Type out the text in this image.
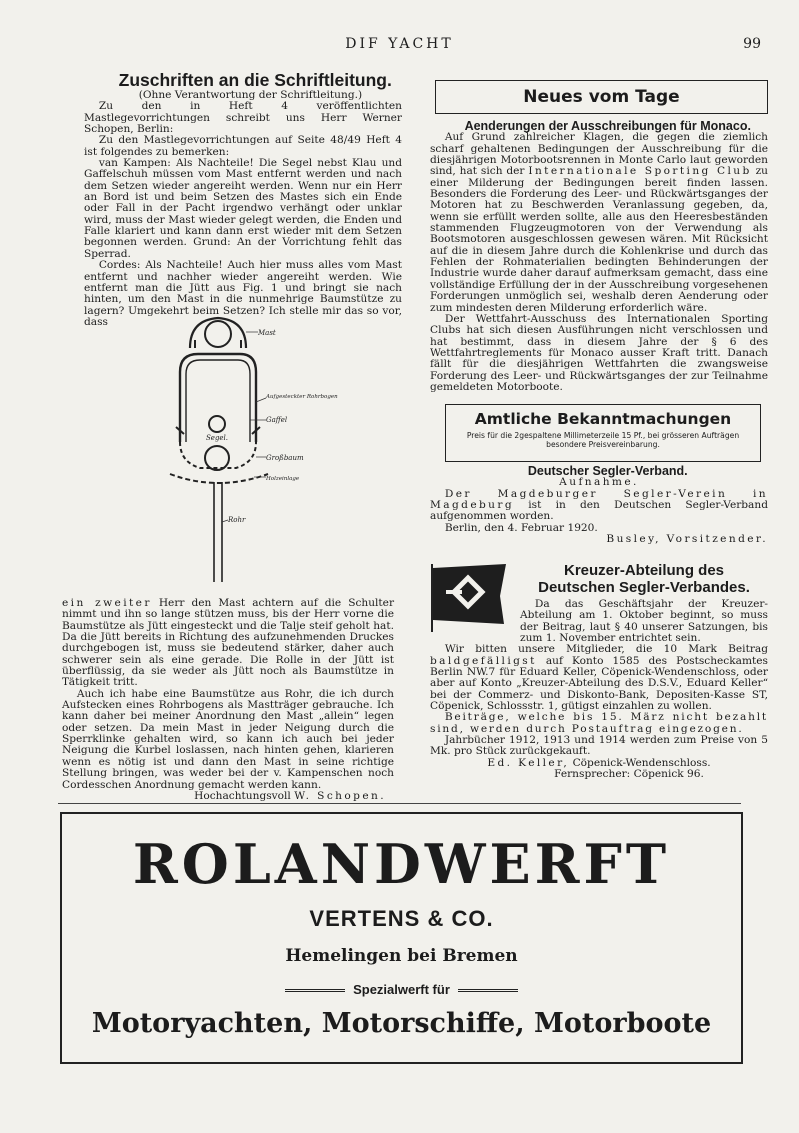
DIF YACHT	99

Zuschriften an die Schriftleitung.

(Ohne Verantwortung der Schriftleitung.)

Zu den in Heft 4 veröffentlichten Mastlegevorrichtungen schreibt uns Herr Werner Schopen, Berlin:

Zu den Mastlegevorrichtungen auf Seite 48/49 Heft 4 ist folgendes zu bemerken:

van Kampen: Als Nachteile! Die Segel nebst Klau und Gaffelschuh müssen vom Mast entfernt werden und nach dem Setzen wieder angereiht werden. Wenn nur ein Herr an Bord ist und beim Setzen des Mastes sich ein Ende oder Fall in der Pacht irgendwo verhängt oder unklar wird, muss der Mast wieder gelegt werden, die Enden und Falle klariert und kann dann erst wieder mit dem Setzen begonnen werden. Grund: An der Vorrichtung fehlt das Sperrad.

Cordes: Als Nachteile! Auch hier muss alles vom Mast entfernt und nachher wieder angereiht werden. Wie entfernt man die Jütt aus Fig. 1 und bringt sie nach hinten, um den Mast in die nunmehrige Baumstütze zu lagern? Umgekehrt beim Setzen? Ich stelle mir das so vor, dass

Mast
Aufgesteckter Rohrbogen
Gaffel
Segel.
Großbaum
Holzeinlage
Rohr

ein zweiter Herr den Mast achtern auf die Schulter nimmt und ihn so lange stützen muss, bis der Herr vorne die Baumstütze als Jütt eingesteckt und die Talje steif geholt hat. Da die Jütt bereits in Richtung des aufzunehmenden Druckes durchgebogen ist, muss sie bedeutend stärker, daher auch schwerer sein als eine gerade. Die Rolle in der Jütt ist überflüssig, da sie weder als Jütt noch als Baumstütze in Tätigkeit tritt.

Auch ich habe eine Baumstütze aus Rohr, die ich durch Aufstecken eines Rohrbogens als Mastträger gebrauche. Ich kann daher bei meiner Anordnung den Mast „allein“ legen oder setzen. Da mein Mast in jeder Neigung durch die Sperrklinke gehalten wird, so kann ich auch bei jeder Neigung die Kurbel loslassen, nach hinten gehen, klarieren wenn es nötig ist und dann den Mast in seine richtige Stellung bringen, was weder bei der v. Kampenschen noch Cordesschen Anordnung gemacht werden kann.

Hochachtungsvoll W. Schopen.

Neues vom Tage

Aenderungen der Ausschreibungen für Monaco.

Auf Grund zahlreicher Klagen, die gegen die ziemlich scharf gehaltenen Bedingungen der Ausschreibung für die diesjährigen Motorbootsrennen in Monte Carlo laut geworden sind, hat sich der Internationale Sporting Club zu einer Milderung der Bedingungen bereit finden lassen. Besonders die Forderung des Leer- und Rückwärtsganges der Motoren hat zu Beschwerden Veranlassung gegeben, da, wenn sie erfüllt werden sollte, alle aus den Heeresbeständen stammenden Flugzeugmotoren von der Verwendung als Bootsmotoren ausgeschlossen gewesen wären. Mit Rücksicht auf die in diesem Jahre durch die Kohlenkrise und durch das Fehlen der Rohmaterialien bedingten Behinderungen der Industrie wurde daher darauf aufmerksam gemacht, dass eine vollständige Erfüllung der in der Ausschreibung vorgesehenen Forderungen unmöglich sei, weshalb deren Aenderung oder zum mindesten deren Milderung erforderlich wäre.

Der Wettfahrt-Ausschuss des Internationalen Sporting Clubs hat sich diesen Ausführungen nicht verschlossen und hat bestimmt, dass in diesem Jahre der § 6 des Wettfahrtreglements für Monaco ausser Kraft tritt. Danach fällt für die diesjährigen Wettfahrten die zwangsweise Forderung des Leer- und Rückwärtsganges der zur Teilnahme gemeldeten Motorboote.

Amtliche Bekanntmachungen
Preis für die 2gespaltene Millimeterzeile 15 Pf., bei grösseren Aufträgen
besondere Preisvereinbarung.

Deutscher Segler-Verband.

Aufnahme.

Der Magdeburger Segler-Verein in Magdeburg ist in den Deutschen Segler-Verband aufgenommen worden.

Berlin, den 4. Februar 1920.

Busley, Vorsitzender.

Kreuzer-Abteilung des
Deutschen Segler-Verbandes.

Da das Geschäftsjahr der Kreuzer-Abteilung am 1. Oktober beginnt, so muss der Beitrag, laut § 40 unserer Satzungen, bis zum 1. November entrichtet sein.

Wir bitten unsere Mitglieder, die 10 Mark Beitrag baldgefälligst auf Konto 1585 des Postscheckamtes Berlin NW.7 für Eduard Keller, Cöpenick-Wendenschloss, oder aber auf Konto „Kreuzer-Abteilung des D.S.V., Eduard Keller“ bei der Commerz- und Diskonto-Bank, Depositen-Kasse ST, Cöpenick, Schlossstr. 1, gütigst einzahlen zu wollen.

Beiträge, welche bis 15. März nicht bezahlt sind, werden durch Postauftrag eingezogen.

Jahrbücher 1912, 1913 und 1914 werden zum Preise von 5 Mk. pro Stück zurückgekauft.

Ed. Keller, Cöpenick-Wendenschloss.

Fernsprecher: Cöpenick 96.

ROLANDWERFT
VERTENS & CO.
Hemelingen bei Bremen
Spezialwerft für
Motoryachten, Motorschiffe, Motorboote
